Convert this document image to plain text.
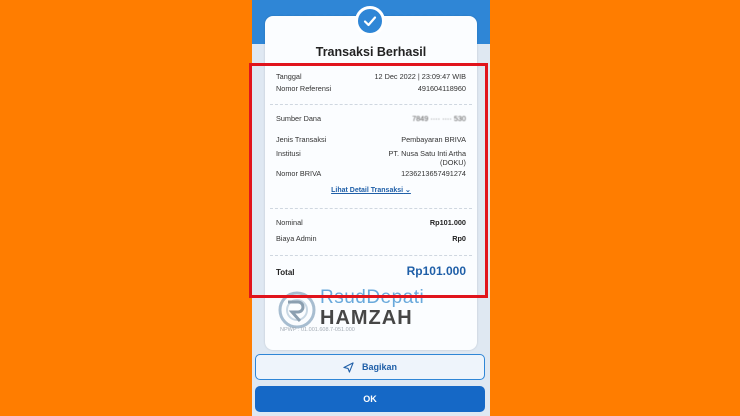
Transaksi Berhasil
Tanggal	12 Dec 2022 | 23:09:47 WIB
Nomor Referensi	491604118960
Sumber Dana	7849 ···· ···· 530
Jenis Transaksi	Pembayaran BRIVA
Institusi	PT. Nusa Satu Inti Artha
(DOKU)
Nomor BRIVA	1236213657491274
Lihat Detail Transaksi ⌄
Nominal	Rp101.000
Biaya Admin	Rp0
Total	Rp101.000
RsudDepati
HAMZAH
NPWP : 01.001.608.7-051.000
Bagikan
OK
